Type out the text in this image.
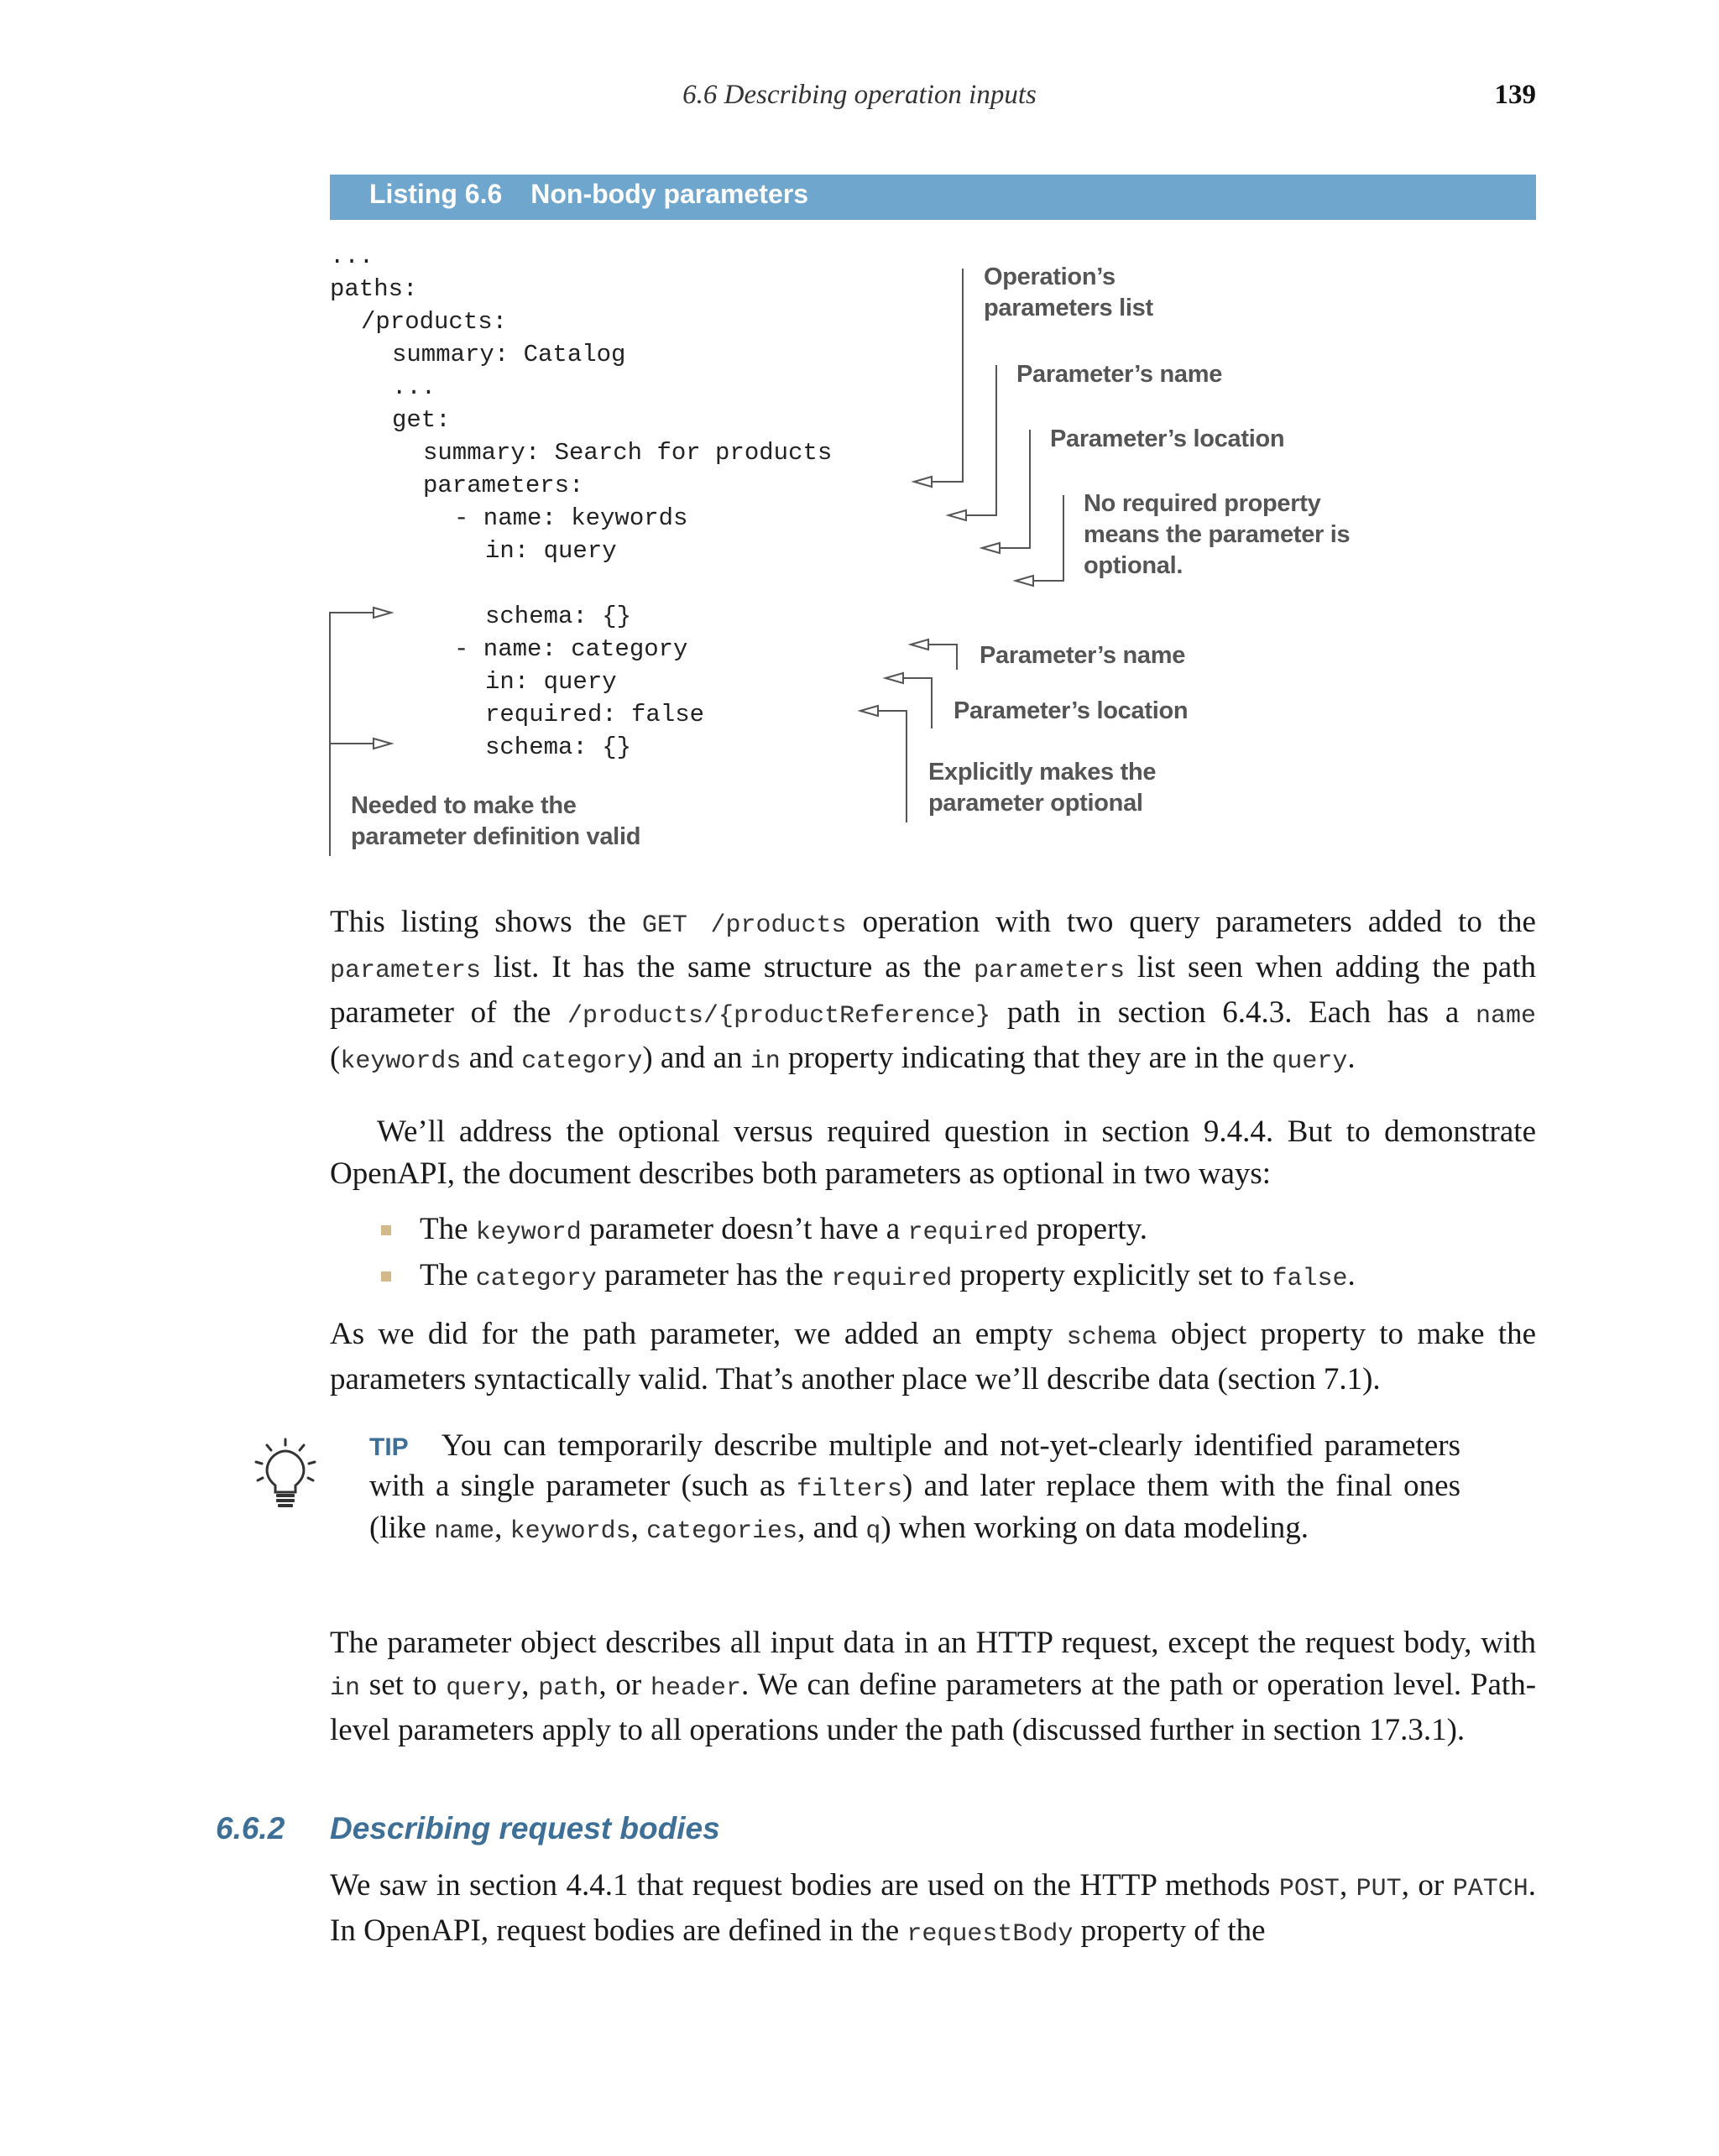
6.6 Describing operation inputs	139
Listing 6.6 Non-body parameters
...
paths:
/products:
summary: Catalog
...
get:
summary: Search for products
parameters:
- name: keywords
in: query
schema: {}
- name: category
in: query
required: false
schema: {}
Operation’s parameters list
Parameter’s name
Parameter’s location
No required property means the parameter is optional.
Parameter’s name
Parameter’s location
Explicitly makes the parameter optional
Needed to make the parameter definition valid

This listing shows the GET /products operation with two query parameters added to the parameters list. It has the same structure as the parameters list seen when adding the path parameter of the /products/{productReference} path in section 6.4.3. Each has a name (keywords and category) and an in property indicating that they are in the query.

We’ll address the optional versus required question in section 9.4.4. But to demonstrate OpenAPI, the document describes both parameters as optional in two ways:

The keyword parameter doesn’t have a required property.
The category parameter has the required property explicitly set to false.

As we did for the path parameter, we added an empty schema object property to make the parameters syntactically valid. That’s another place we’ll describe data (section 7.1).

TIP You can temporarily describe multiple and not-yet-clearly identified parameters with a single parameter (such as filters) and later replace them with the final ones (like name, keywords, categories, and q) when working on data modeling.

The parameter object describes all input data in an HTTP request, except the request body, with in set to query, path, or header. We can define parameters at the path or operation level. Path-level parameters apply to all operations under the path (discussed further in section 17.3.1).

6.6.2 Describing request bodies

We saw in section 4.4.1 that request bodies are used on the HTTP methods POST, PUT, or PATCH. In OpenAPI, request bodies are defined in the requestBody property of the
